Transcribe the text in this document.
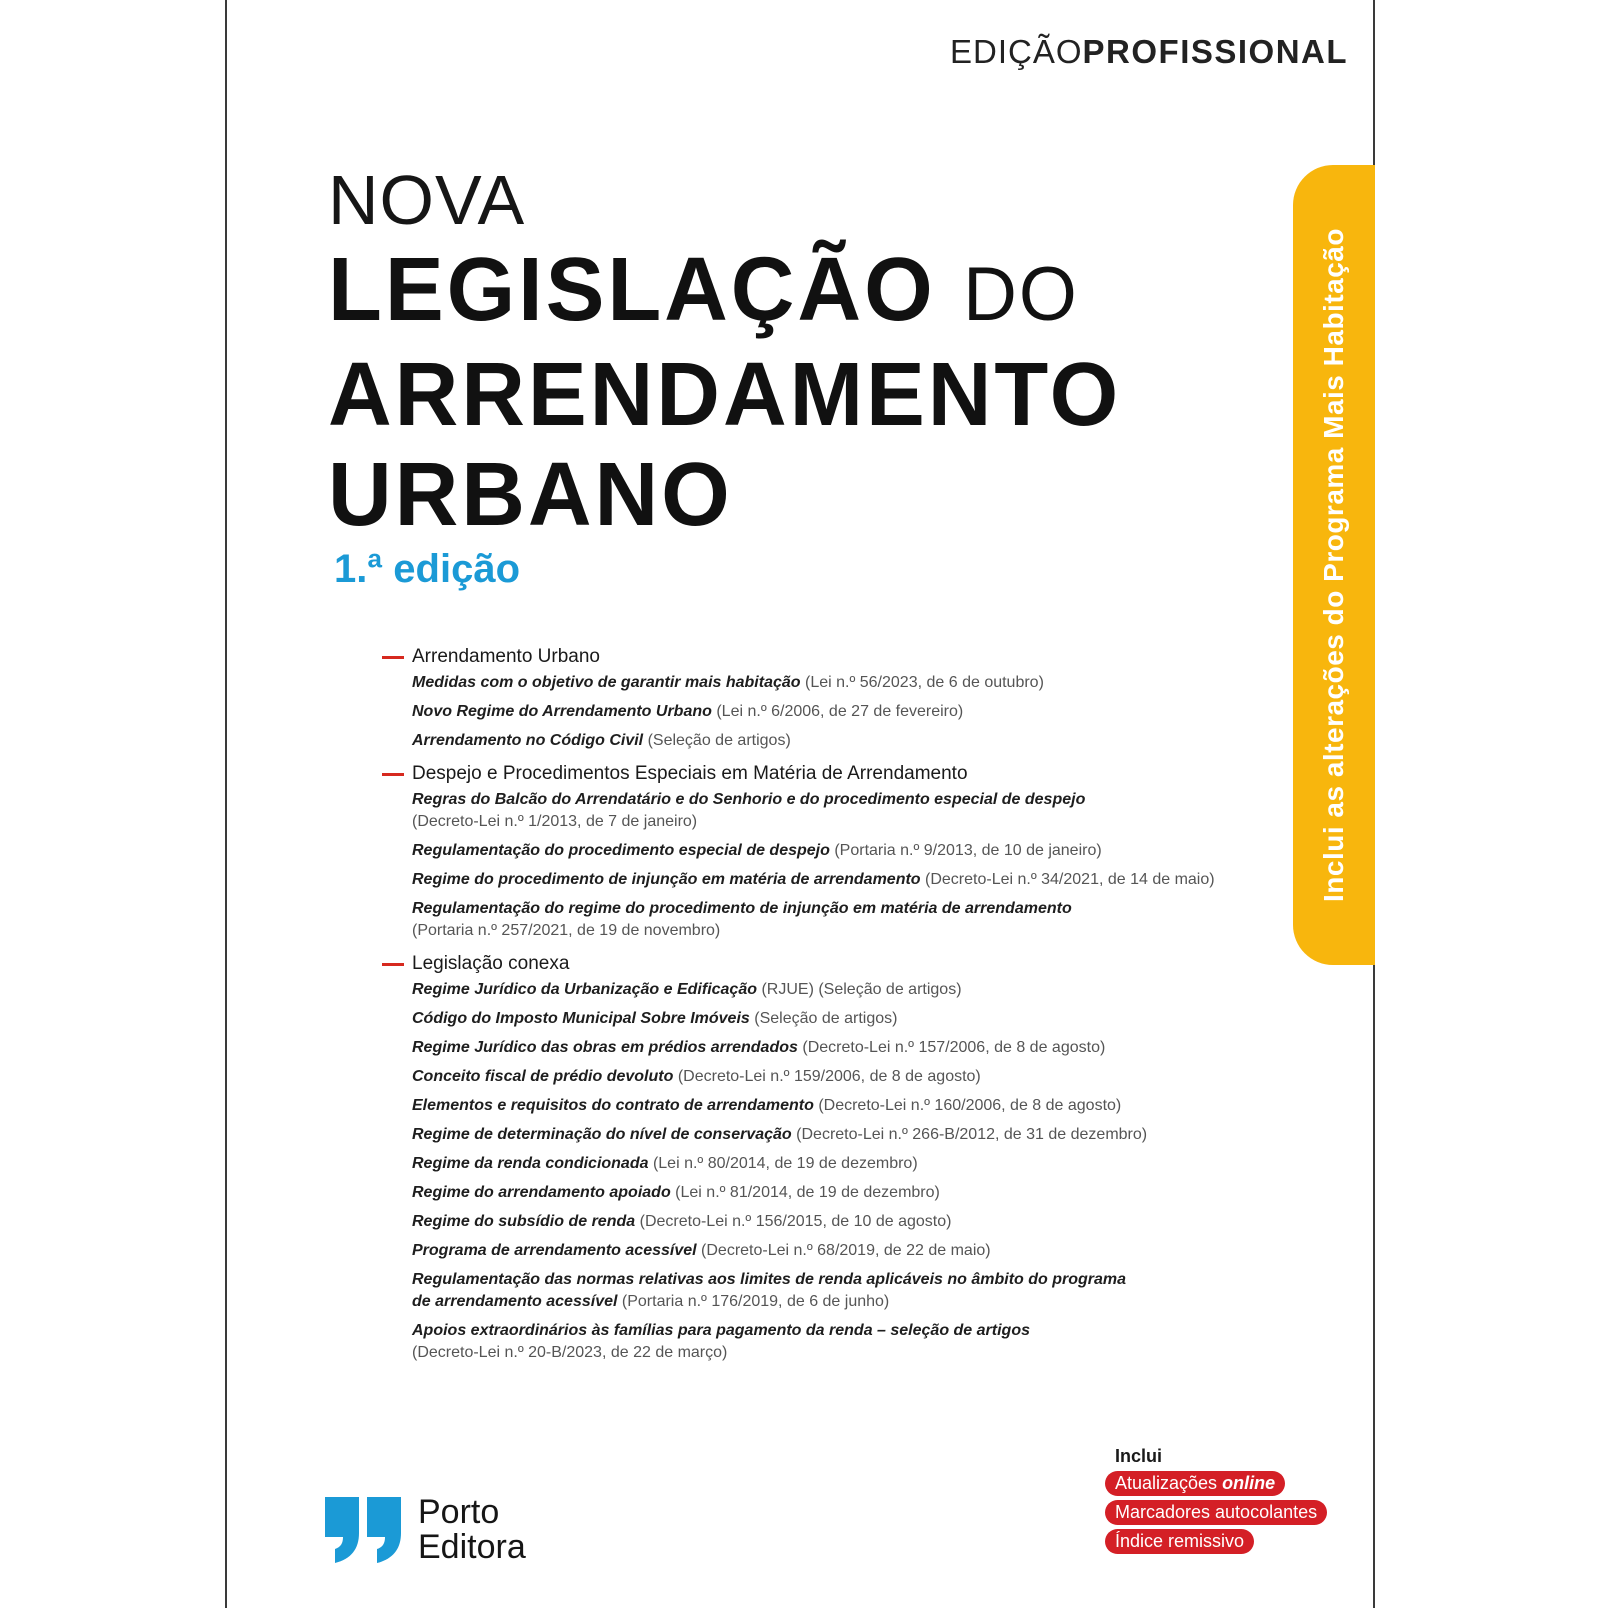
EDIÇÃOPROFISSIONAL
NOVA
LEGISLAÇÃO DO
ARRENDAMENTO
URBANO
1.ª edição
Arrendamento Urbano
Medidas com o objetivo de garantir mais habitação (Lei n.º 56/2023, de 6 de outubro)
Novo Regime do Arrendamento Urbano (Lei n.º 6/2006, de 27 de fevereiro)
Arrendamento no Código Civil (Seleção de artigos)
Despejo e Procedimentos Especiais em Matéria de Arrendamento
Regras do Balcão do Arrendatário e do Senhorio e do procedimento especial de despejo (Decreto-Lei n.º 1/2013, de 7 de janeiro)
Regulamentação do procedimento especial de despejo (Portaria n.º 9/2013, de 10 de janeiro)
Regime do procedimento de injunção em matéria de arrendamento (Decreto-Lei n.º 34/2021, de 14 de maio)
Regulamentação do regime do procedimento de injunção em matéria de arrendamento (Portaria n.º 257/2021, de 19 de novembro)
Legislação conexa
Regime Jurídico da Urbanização e Edificação (RJUE) (Seleção de artigos)
Código do Imposto Municipal Sobre Imóveis (Seleção de artigos)
Regime Jurídico das obras em prédios arrendados (Decreto-Lei n.º 157/2006, de 8 de agosto)
Conceito fiscal de prédio devoluto (Decreto-Lei n.º 159/2006, de 8 de agosto)
Elementos e requisitos do contrato de arrendamento (Decreto-Lei n.º 160/2006, de 8 de agosto)
Regime de determinação do nível de conservação (Decreto-Lei n.º 266-B/2012, de 31 de dezembro)
Regime da renda condicionada (Lei n.º 80/2014, de 19 de dezembro)
Regime do arrendamento apoiado (Lei n.º 81/2014, de 19 de dezembro)
Regime do subsídio de renda (Decreto-Lei n.º 156/2015, de 10 de agosto)
Programa de arrendamento acessível (Decreto-Lei n.º 68/2019, de 22 de maio)
Regulamentação das normas relativas aos limites de renda aplicáveis no âmbito do programa de arrendamento acessível (Portaria n.º 176/2019, de 6 de junho)
Apoios extraordinários às famílias para pagamento da renda – seleção de artigos (Decreto-Lei n.º 20-B/2023, de 22 de março)
Inclui as alterações do Programa Mais Habitação
Porto
Editora
Inclui
Atualizações online
Marcadores autocolantes
Índice remissivo
